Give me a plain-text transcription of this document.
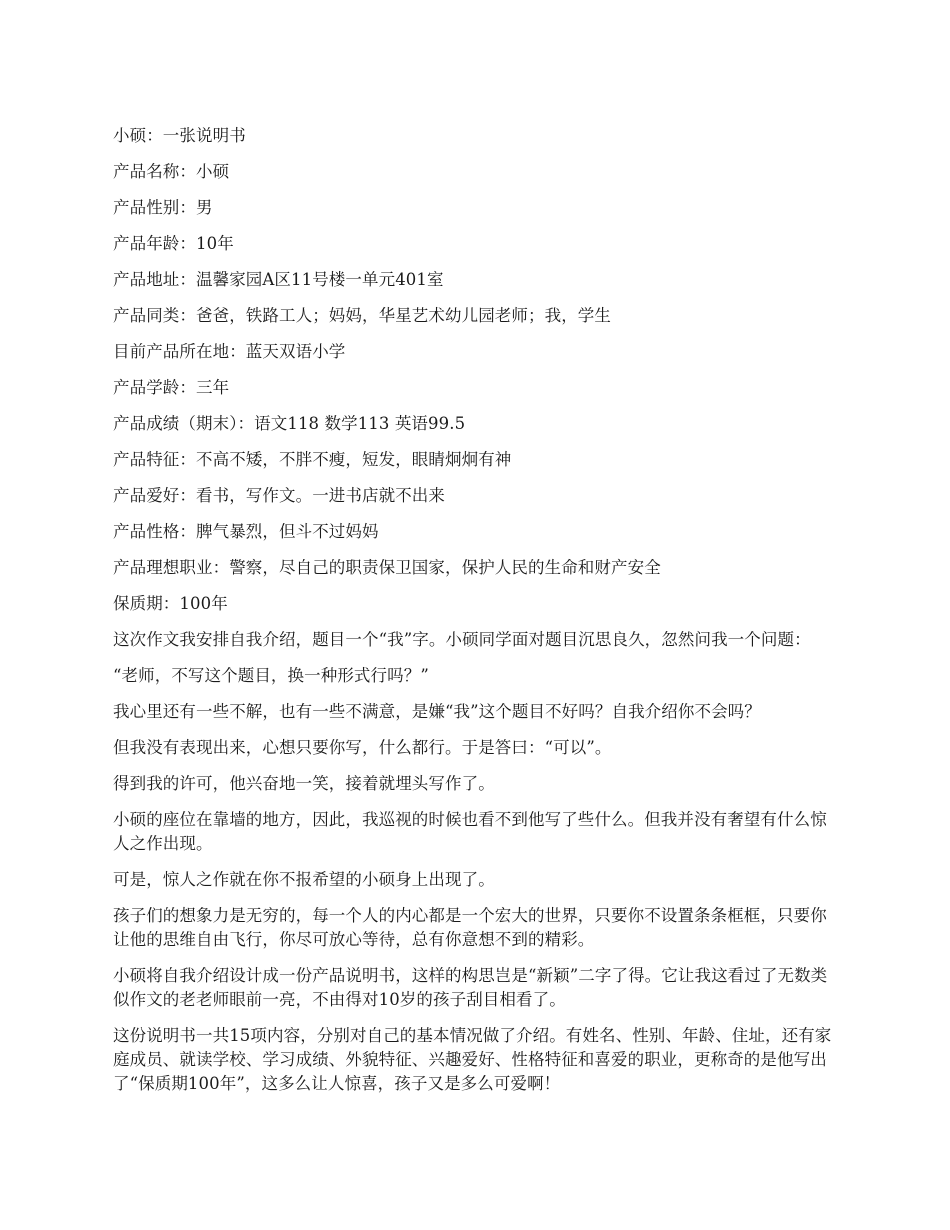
小硕：一张说明书

产品名称：小硕

产品性别：男

产品年龄：10年

产品地址：温馨家园A区11号楼一单元401室

产品同类：爸爸，铁路工人；妈妈，华星艺术幼儿园老师；我，学生

目前产品所在地：蓝天双语小学

产品学龄：三年

产品成绩（期末）：语文118 数学113 英语99.5

产品特征：不高不矮，不胖不瘦，短发，眼睛炯炯有神

产品爱好：看书，写作文。一进书店就不出来

产品性格：脾气暴烈，但斗不过妈妈

产品理想职业：警察，尽自己的职责保卫国家，保护人民的生命和财产安全

保质期：100年

这次作文我安排自我介绍，题目一个“我”字。小硕同学面对题目沉思良久，忽然问我一个问题：

“老师，不写这个题目，换一种形式行吗？”

我心里还有一些不解，也有一些不满意，是嫌“我”这个题目不好吗？自我介绍你不会吗？

但我没有表现出来，心想只要你写，什么都行。于是答曰：“可以”。

得到我的许可，他兴奋地一笑，接着就埋头写作了。

小硕的座位在靠墙的地方，因此，我巡视的时候也看不到他写了些什么。但我并没有奢望有什么惊人之作出现。

可是，惊人之作就在你不报希望的小硕身上出现了。

孩子们的想象力是无穷的，每一个人的内心都是一个宏大的世界，只要你不设置条条框框，只要你让他的思维自由飞行，你尽可放心等待，总有你意想不到的精彩。

小硕将自我介绍设计成一份产品说明书，这样的构思岂是“新颖”二字了得。它让我这看过了无数类似作文的老老师眼前一亮，不由得对10岁的孩子刮目相看了。

这份说明书一共15项内容，分别对自己的基本情况做了介绍。有姓名、性别、年龄、住址，还有家庭成员、就读学校、学习成绩、外貌特征、兴趣爱好、性格特征和喜爱的职业，更称奇的是他写出了“保质期100年”，这多么让人惊喜，孩子又是多么可爱啊！
